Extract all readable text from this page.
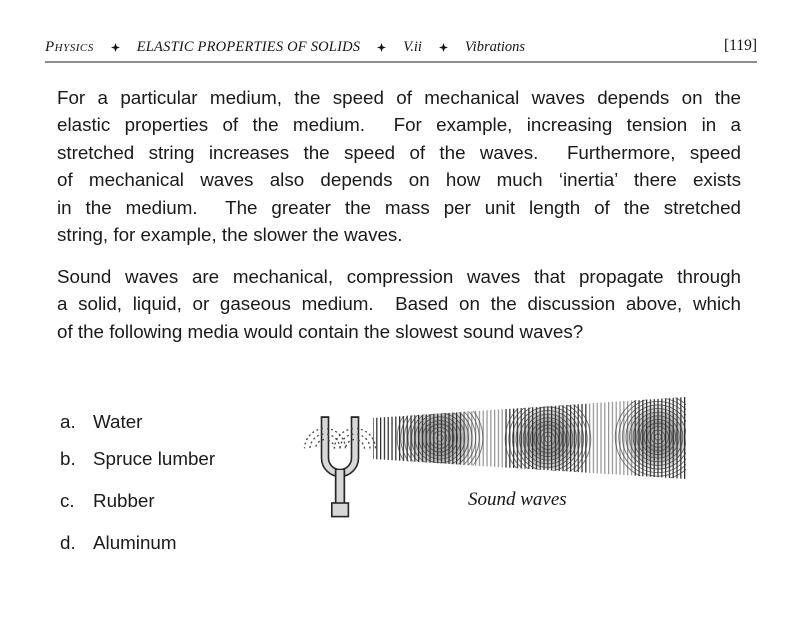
Physics	ELASTIC PROPERTIES OF SOLIDS	V.ii	Vibrations	[119]
For a particular medium, the speed of mechanical waves depends on the
elastic properties of the medium.  For example, increasing tension in a
stretched string increases the speed of the waves.  Furthermore, speed
of mechanical waves also depends on how much ‘inertia’ there exists
in the medium.  The greater the mass per unit length of the stretched
string, for example, the slower the waves.
Sound waves are mechanical, compression waves that propagate through
a solid, liquid, or gaseous medium.  Based on the discussion above, which
of the following media would contain the slowest sound waves?
a. Water
b. Spruce lumber
c. Rubber
d. Aluminum
Sound waves
